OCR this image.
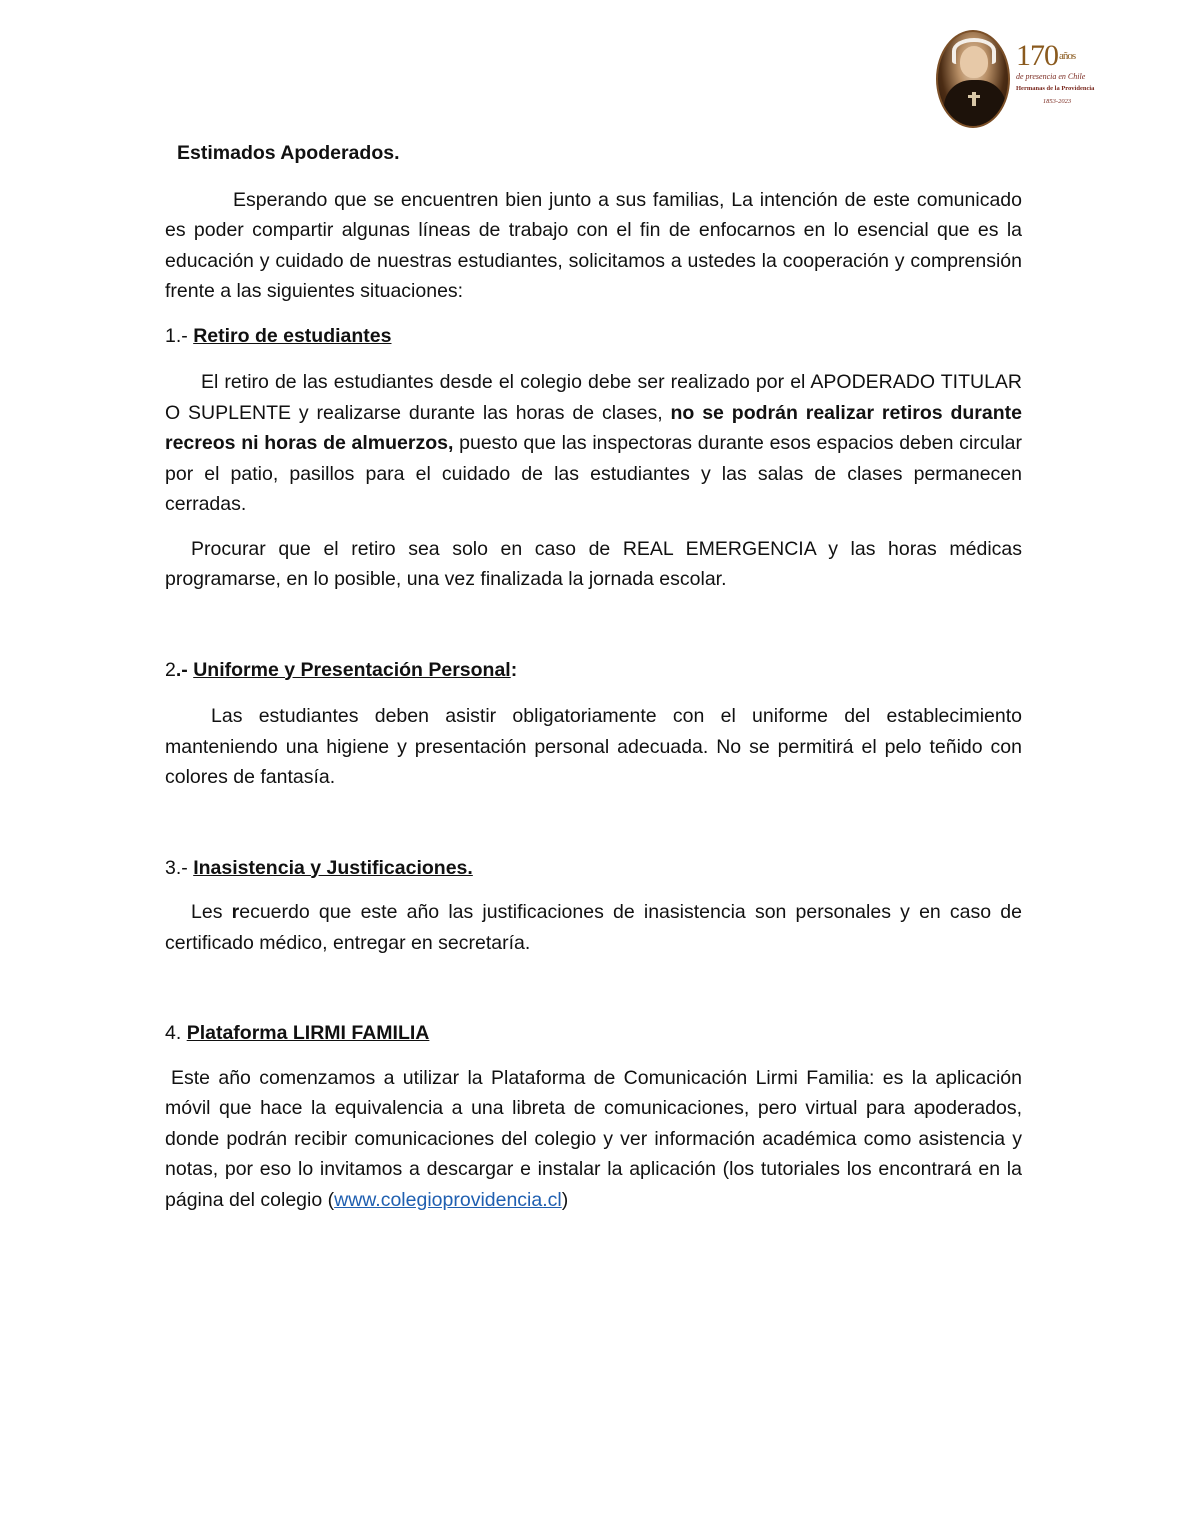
$170^{años}$
de presencia en Chile
Hermanas de la Providencia
1853-2023

Estimados Apoderados.

Esperando que se encuentren bien junto a sus familias, La intención de este comunicado es poder compartir algunas líneas de trabajo con el fin de enfocarnos en lo esencial que es la educación y cuidado de nuestras estudiantes, solicitamos a ustedes la cooperación y comprensión frente a las siguientes situaciones:

1.- Retiro de estudiantes

El retiro de las estudiantes desde el colegio debe ser realizado por el APODERADO TITULAR O SUPLENTE y realizarse durante las horas de clases, no se podrán realizar retiros durante recreos ni horas de almuerzos, puesto que las inspectoras durante esos espacios deben circular por el patio, pasillos para el cuidado de las estudiantes y las salas de clases permanecen cerradas.

Procurar que el retiro sea solo en caso de REAL EMERGENCIA y las horas médicas programarse, en lo posible, una vez finalizada la jornada escolar.

2.- Uniforme y Presentación Personal:

Las estudiantes deben asistir obligatoriamente con el uniforme del establecimiento manteniendo una higiene y presentación personal adecuada. No se permitirá el pelo teñido con colores de fantasía.

3.- Inasistencia y Justificaciones.

Les recuerdo que este año las justificaciones de inasistencia son personales y en caso de certificado médico, entregar en secretaría.

4. Plataforma LIRMI FAMILIA

Este año comenzamos a utilizar la Plataforma de Comunicación Lirmi Familia: es la aplicación móvil que hace la equivalencia a una libreta de comunicaciones, pero virtual para apoderados, donde podrán recibir comunicaciones del colegio y ver información académica como asistencia y notas, por eso lo invitamos a descargar e instalar la aplicación (los tutoriales los encontrará en la página del colegio (www.colegioprovidencia.cl)
